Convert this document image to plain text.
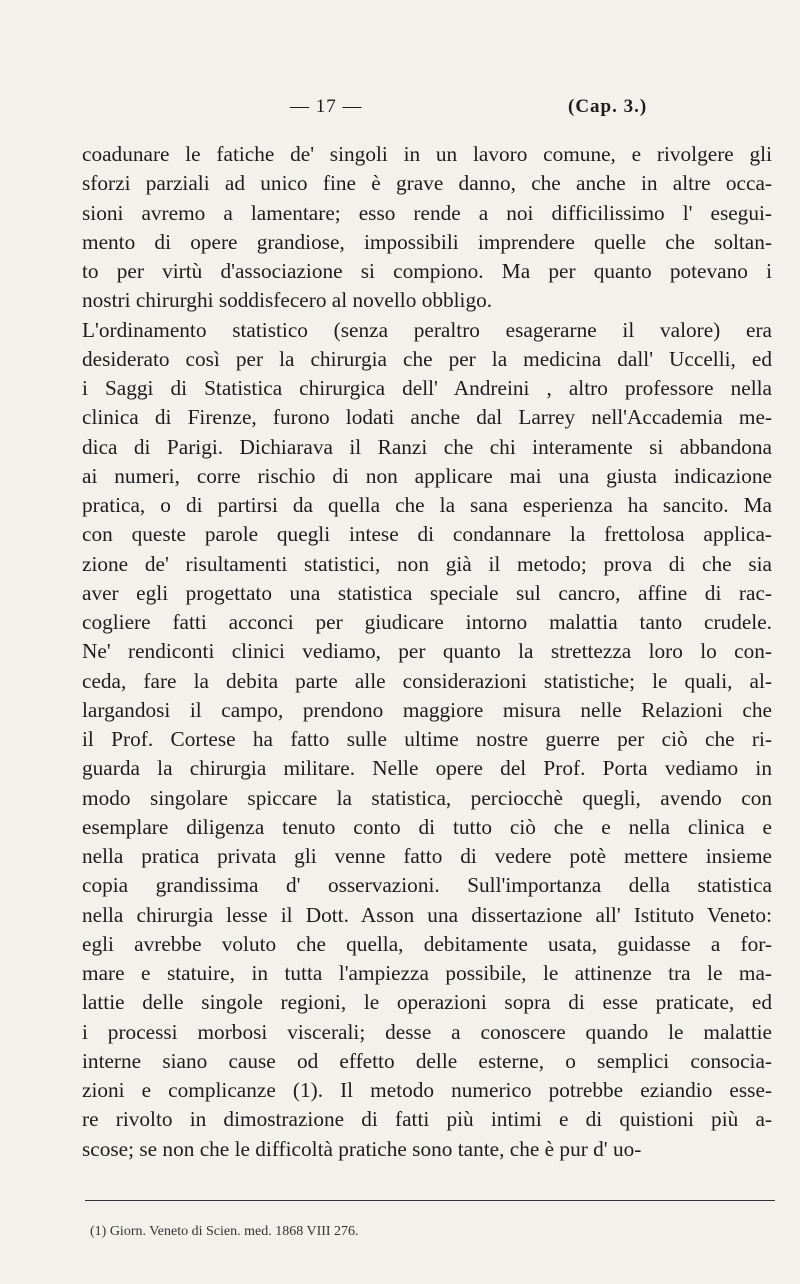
— 17 —	(Cap. 3.)
coadunare le fatiche de' singoli in un lavoro comune, e rivolgere gli
sforzi parziali ad unico fine è grave danno, che anche in altre occa-
sioni avremo a lamentare; esso rende a noi difficilissimo l' esegui-
mento di opere grandiose, impossibili imprendere quelle che soltan-
to per virtù d'associazione si compiono. Ma per quanto potevano i
nostri chirurghi soddisfecero al novello obbligo.
L'ordinamento statistico (senza peraltro esagerarne il valore) era
desiderato così per la chirurgia che per la medicina dall' Uccelli, ed
i Saggi di Statistica chirurgica dell' Andreini , altro professore nella
clinica di Firenze, furono lodati anche dal Larrey nell'Accademia me-
dica di Parigi. Dichiarava il Ranzi che chi interamente si abbandona
ai numeri, corre rischio di non applicare mai una giusta indicazione
pratica, o di partirsi da quella che la sana esperienza ha sancito. Ma
con queste parole quegli intese di condannare la frettolosa applica-
zione de' risultamenti statistici, non già il metodo; prova di che sia
aver egli progettato una statistica speciale sul cancro, affine di rac-
cogliere fatti acconci per giudicare intorno malattia tanto crudele.
Ne' rendiconti clinici vediamo, per quanto la strettezza loro lo con-
ceda, fare la debita parte alle considerazioni statistiche; le quali, al-
largandosi il campo, prendono maggiore misura nelle Relazioni che
il Prof. Cortese ha fatto sulle ultime nostre guerre per ciò che ri-
guarda la chirurgia militare. Nelle opere del Prof. Porta vediamo in
modo singolare spiccare la statistica, perciocchè quegli, avendo con
esemplare diligenza tenuto conto di tutto ciò che e nella clinica e
nella pratica privata gli venne fatto di vedere potè mettere insieme
copia grandissima d' osservazioni. Sull'importanza della statistica
nella chirurgia lesse il Dott. Asson una dissertazione all' Istituto Veneto:
egli avrebbe voluto che quella, debitamente usata, guidasse a for-
mare e statuire, in tutta l'ampiezza possibile, le attinenze tra le ma-
lattie delle singole regioni, le operazioni sopra di esse praticate, ed
i processi morbosi viscerali; desse a conoscere quando le malattie
interne siano cause od effetto delle esterne, o semplici consocia-
zioni e complicanze (1). Il metodo numerico potrebbe eziandio esse-
re rivolto in dimostrazione di fatti più intimi e di quistioni più a-
scose; se non che le difficoltà pratiche sono tante, che è pur d' uo-
(1) Giorn. Veneto di Scien. med. 1868 VIII 276.
